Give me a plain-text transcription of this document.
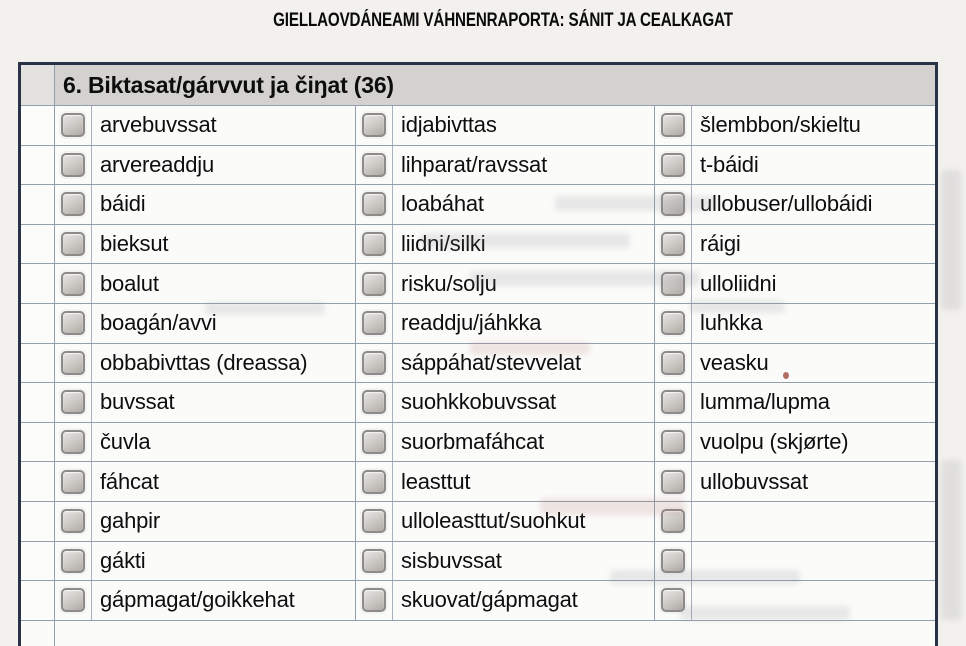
GIELLAOVDÁNEAMI VÁHNENRAPORTA: SÁNIT JA CEALKAGAT
6. Biktasat/gárvvut ja čiŋat (36)
arvebuvssat	idjabivttas	šlembbon/skieltu
arvereaddju	lihparat/ravssat	t-báidi
báidi	loabáhat	ullobuser/ullobáidi
bieksut	liidni/silki	ráigi
boalut	risku/solju	ulloliidni
boagán/avvi	readdju/jáhkka	luhkka
obbabivttas (dreassa)	sáppáhat/stevvelat	veasku
buvssat	suohkkobuvssat	lumma/lupma
čuvla	suorbmafáhcat	vuolpu (skjørte)
fáhcat	leasttut	ullobuvssat
gahpir	ulloleasttut/suohkut
gákti	sisbuvssat
gápmagat/goikkehat	skuovat/gápmagat
